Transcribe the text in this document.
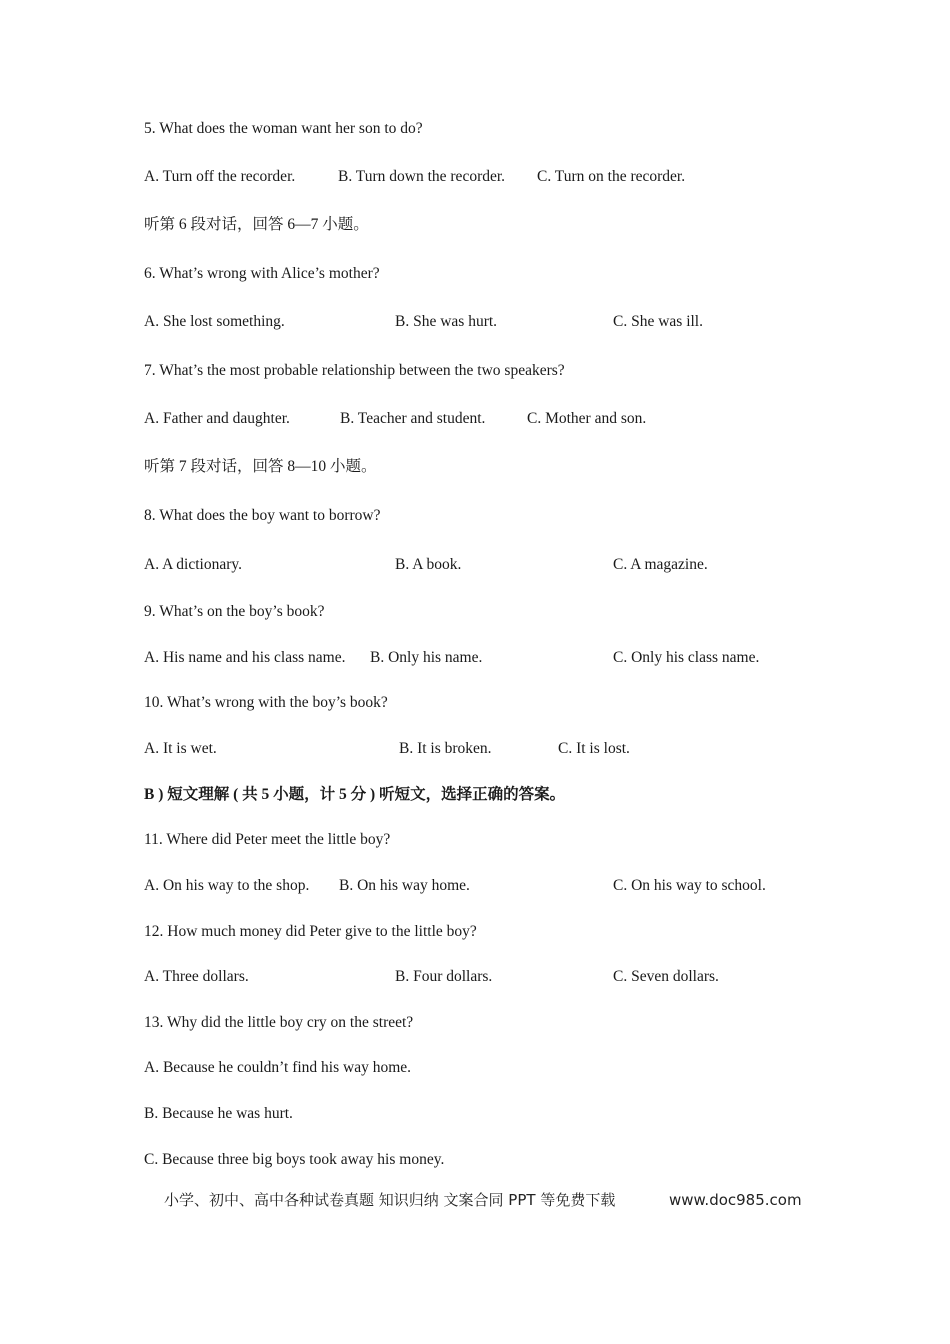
5. What does the woman want her son to do?
A. Turn off the recorder.	B. Turn down the recorder. C. Turn on the recorder.
听第 6 段对话，回答 6—7 小题。
6. What’s wrong with Alice’s mother?
A. She lost something.	B. She was hurt.	C. She was ill.
7. What’s the most probable relationship between the two speakers?
A. Father and daughter.	B. Teacher and student.	C. Mother and son.
听第 7 段对话，回答 8—10 小题。
8. What does the boy want to borrow?
A. A dictionary.	B. A book.	C. A magazine.
9. What’s on the boy’s book?
A. His name and his class name. B. Only his name.	C. Only his class name.
10. What’s wrong with the boy’s book?
A. It is wet.	B. It is broken.	C. It is lost.
B ) 短文理解 ( 共 5 小题，计 5 分 ) 听短文，选择正确的答案。
11. Where did Peter meet the little boy?
A. On his way to the shop. B. On his way home.	C. On his way to school.
12. How much money did Peter give to the little boy?
A. Three dollars.	B. Four dollars.	C. Seven dollars.
13. Why did the little boy cry on the street?
A. Because he couldn’t find his way home.
B. Because he was hurt.
C. Because three big boys took away his money.
小学、初中、高中各种试卷真题 知识归纳 文案合同 PPT 等免费下载	www.doc985.com
